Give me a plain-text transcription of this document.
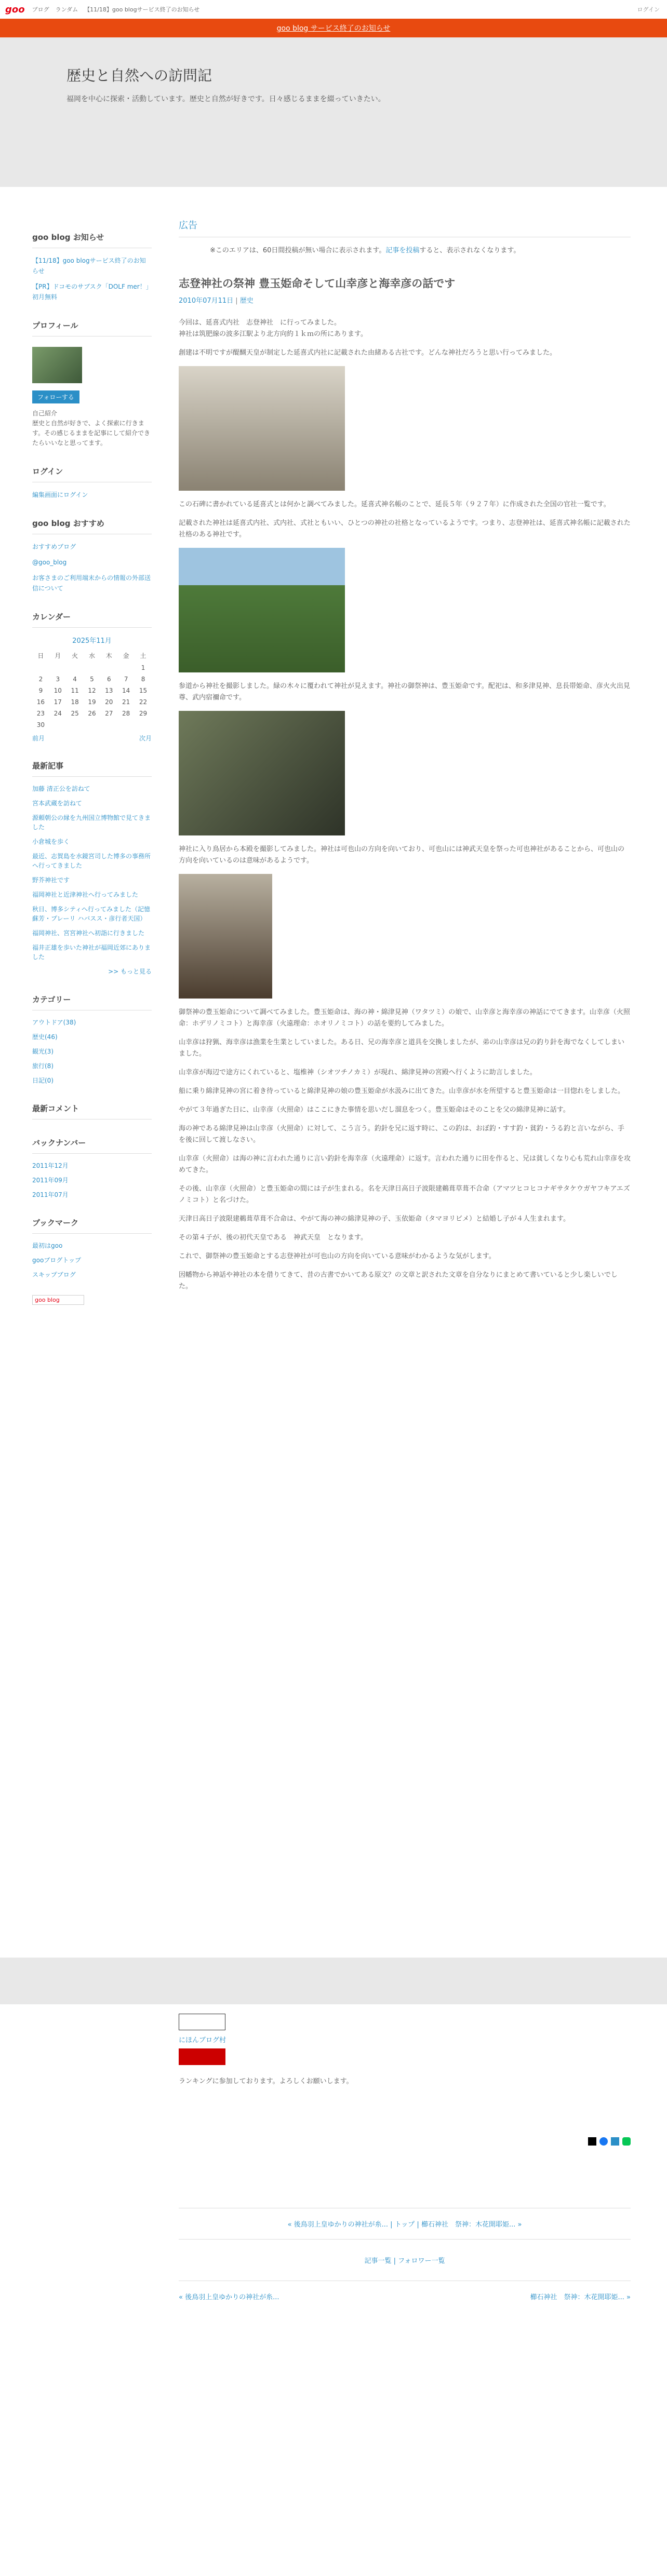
goo ブログ ランダム 【11/18】goo blogサービス終了のお知らせ	ログイン
goo blog サービス終了のお知らせ
歴史と自然への訪問記
福岡を中心に探索・活動しています。歴史と自然が好きです。日々感じるままを綴っていきたい。
goo blog お知らせ
【11/18】goo blogサービス終了のお知らせ
【PR】ドコモのサブスク「DOLF mer！」初月無料
プロフィール
フォローする
自己紹介
歴史と自然が好きで、よく探索に行きます。その感じるままを記事にして紹介できたらいいなと思ってます。
ログイン
編集画面にログイン
goo blog おすすめ
おすすめブログ
@goo_blog
お客さまのご利用端末からの情報の外部送信について
カレンダー
2025年11月
日	月	火	水	木	金	土
						1
2	3	4	5	6	7	8
9	10	11	12	13	14	15
16	17	18	19	20	21	22
23	24	25	26	27	28	29
30						
前月	次月
最新記事
加藤 清正公を訪ねて
宮本武蔵を訪ねて
源頼朝公の縁を九州国立博物館で見てきました
小倉城を歩く
最近、志賀島を水鏡宮司した博多の事務所へ行ってきました
野芥神社です
福岡神社と近津神社へ行ってみました
秋日、博多シティへ行ってみました（記憶蘇芳・プレーリ ハバスス・彦行者天国）
福岡神社、宮宮神社へ初詣に行きました
福井正雄を歩いた神社が福岡近郊にありました
>> もっと見る
カテゴリー
アウトドア(38)
歴史(46)
観光(3)
旅行(8)
日記(0)
最新コメント
バックナンバー
2011年12月
2011年09月
2011年07月
ブックマーク
最初はgoo
gooブログトップ
スキップブログ
goo blog
広告
※このエリアは、60日間投稿が無い場合に表示されます。記事を投稿すると、表示されなくなります。
志登神社の祭神 豊玉姫命そして山幸彦と海幸彦の話です
2010年07月11日 | 歴史

今回は、延喜式内社　志登神社　に行ってみました。
神社は筑肥線の波多江駅より北方向約１ｋｍの所にあります。

創建は不明ですが醍醐天皇が制定した延喜式内社に記載された由緒ある古社です。どんな神社だろうと思い行ってみました。

この石碑に書かれている延喜式とは何かと調べてみました。延喜式神名帳のことで、延長５年（９２７年）に作成された全国の官社一覧です。

記載された神社は延喜式内社、式内社、式社ともいい、ひとつの神社の社格となっているようです。つまり、志登神社は、延喜式神名帳に記載された社格のある神社です。

参道から神社を撮影しました。緑の木々に覆われて神社が見えます。神社の御祭神は、豊玉姫命です。配祀は、和多津見神、息長帯姫命、彦火火出見尊、武内宿禰命です。

神社に入り鳥居から本殿を撮影してみました。神社は可也山の方向を向いており、可也山には神武天皇を祭った可也神社があることから、可也山の方向を向いているのは意味があるようです。

御祭神の豊玉姫命について調べてみました。豊玉姫命は、海の神・綿津見神（ワタツミ）の娘で、山幸彦と海幸彦の神話にでてきます。山幸彦（火照命：ホデリノミコト）と海幸彦（火遠理命：ホオリノミコト）の話を要約してみました。

山幸彦は狩猟、海幸彦は漁業を生業としていました。ある日、兄の海幸彦と道具を交換しましたが、弟の山幸彦は兄の釣り針を海でなくしてしまいました。

山幸彦が海辺で途方にくれていると、塩椎神（シオツチノカミ）が現れ、綿津見神の宮殿へ行くように助言しました。

船に乗り綿津見神の宮に着き待っていると綿津見神の娘の豊玉姫命が水汲みに出てきた。山幸彦が水を所望すると豊玉姫命は一目惚れをしました。

やがて３年過ぎた日に、山幸彦（火照命）はここにきた事情を思いだし溜息をつく。豊玉姫命はそのことを父の綿津見神に話す。

海の神である綿津見神は山幸彦（火照命）に対して、こう言う。釣針を兄に返す時に、この釣は、おぼ釣・すす釣・貧釣・うる釣と言いながら、手を後に回して渡しなさい。

山幸彦（火照命）は海の神に言われた通りに言い釣針を海幸彦（火遠理命）に返す。言われた通りに田を作ると、兄は貧しくなり心も荒れ山幸彦を攻めてきた。

その後、山幸彦（火照命）と豊玉姫命の間には子が生まれる。名を天津日高日子波限建鵜葺草葺不合命（アマツヒコヒコナギサタケウガヤフキアエズノミコト）と名づけた。

天津日高日子波限建鵜葺草葺不合命は、やがて海の神の綿津見神の子、玉依姫命（タマヨリビメ）と結婚し子が４人生まれます。

その第４子が、後の初代天皇である　神武天皇　となります。

これで、御祭神の豊玉姫命とする志登神社が可也山の方向を向いている意味がわかるような気がします。

因幡物から神話や神社の本を借りてきて、昔の古書でかいてある原文？の文章と訳された文章を自分なりにまとめて書いていると少し楽しいでした。

にほんブログ村
ランキングに参加しております。よろしくお願いします。
« 後鳥羽上皇ゆかりの神社が糸... | トップ | 櫛石神社　祭神：木花開耶姫... »
記事一覧 | フォロワー一覧
« 後鳥羽上皇ゆかりの神社が糸...	櫛石神社　祭神：木花開耶姫... »
